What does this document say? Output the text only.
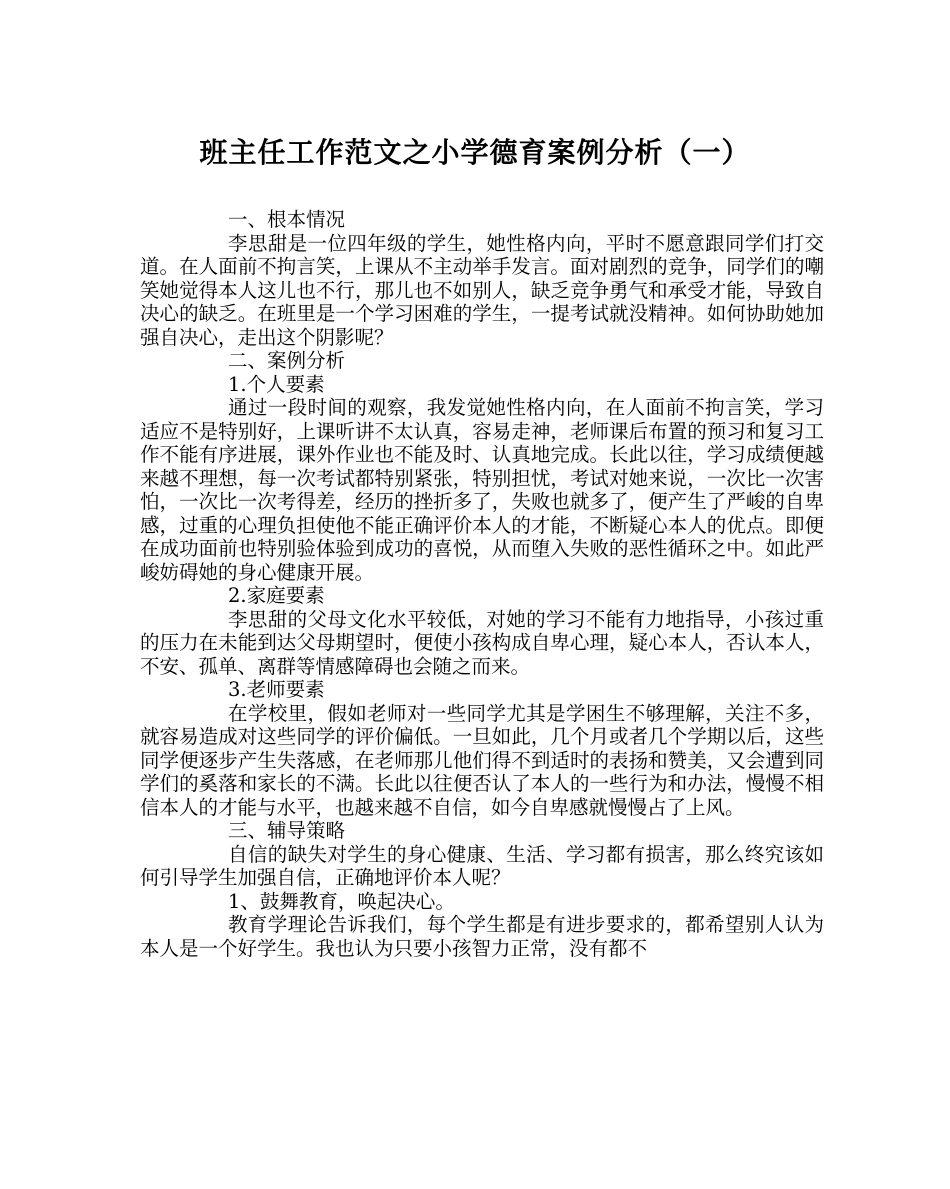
班主任工作范文之小学德育案例分析（一）

一、根本情况

李思甜是一位四年级的学生，她性格内向，平时不愿意跟同学们打交道。在人面前不拘言笑，上课从不主动举手发言。面对剧烈的竞争，同学们的嘲笑她觉得本人这儿也不行，那儿也不如别人，缺乏竞争勇气和承受才能，导致自决心的缺乏。在班里是一个学习困难的学生，一提考试就没精神。如何协助她加强自决心，走出这个阴影呢？

二、案例分析

1.个人要素

通过一段时间的观察，我发觉她性格内向，在人面前不拘言笑，学习适应不是特别好，上课听讲不太认真，容易走神，老师课后布置的预习和复习工作不能有序进展，课外作业也不能及时、认真地完成。长此以往，学习成绩便越来越不理想，每一次考试都特别紧张，特别担忧，考试对她来说，一次比一次害怕，一次比一次考得差，经历的挫折多了，失败也就多了，便产生了严峻的自卑感，过重的心理负担使他不能正确评价本人的才能，不断疑心本人的优点。即便在成功面前也特别验体验到成功的喜悦，从而堕入失败的恶性循环之中。如此严峻妨碍她的身心健康开展。

2.家庭要素

李思甜的父母文化水平较低，对她的学习不能有力地指导，小孩过重的压力在未能到达父母期望时，便使小孩构成自卑心理，疑心本人，否认本人，不安、孤单、离群等情感障碍也会随之而来。

3.老师要素

在学校里，假如老师对一些同学尤其是学困生不够理解，关注不多，就容易造成对这些同学的评价偏低。一旦如此，几个月或者几个学期以后，这些同学便逐步产生失落感，在老师那儿他们得不到适时的表扬和赞美，又会遭到同学们的奚落和家长的不满。长此以往便否认了本人的一些行为和办法，慢慢不相信本人的才能与水平，也越来越不自信，如今自卑感就慢慢占了上风。

三、辅导策略

自信的缺失对学生的身心健康、生活、学习都有损害，那么终究该如何引导学生加强自信，正确地评价本人呢？

1、鼓舞教育，唤起决心。

教育学理论告诉我们，每个学生都是有进步要求的，都希望别人认为本人是一个好学生。我也认为只要小孩智力正常，没有都不
